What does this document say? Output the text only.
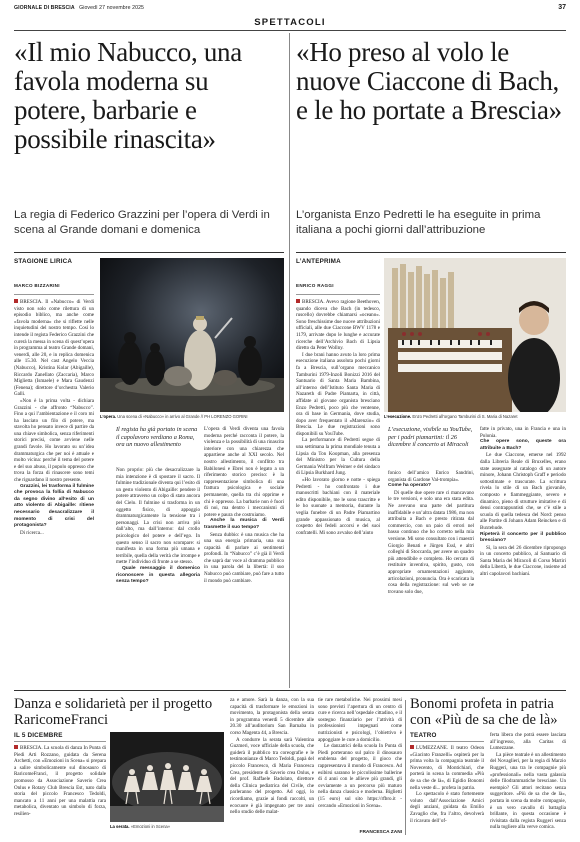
GIORNALE DI BRESCIA Giovedì 27 novembre 2025	37
SPETTACOLI
«Il mio Nabucco, una favola moderna su potere, barbarie e possibile rinascita»
La regia di Federico Grazzini per l’opera di Verdi in scena al Grande domani e domenica
STAGIONE LIRICA
MARCO BIZZARINI

BRESCIA. Il «Nabucco» di Verdi visto non solo come rilettura di un episodio biblico, ma anche come «favola moderna» che si riflette nelle inquietudini del nostro tempo. Così lo intende il regista Federico Grazzini che curerà la messa in scena di quest’opera in programma al teatro Grande domani, venerdì, alle 20, e in replica domenica alle 15.30. Nel cast Angelo Veccia (Nabucco), Kristina Kolar (Abigaille), Riccardo Zanellato (Zaccaria), Marco Miglietta (Ismaele) e Mara Gaudenzi (Fenena); direttore d’orchestra Valerio Galli.

«Non è la prima volta - dichiara Grazzini - che affronto “Nabucco”. Fino a qui l’ambientazione e il coro mi ha lasciato un filo di potere, ma stavolta ho pensato invece di partire da una chiave simbolica, senza riferimenti storici precisi, come avviene nelle grandi favole. Ho lavorato su un’idea drammaturgica che per noi è attuale e molto vicina: perché il tema del potere e del suo abuso, il popolo oppresso che trova la forza di rinascere sono temi che riguardano il nostro presente.

Grazzini, lei trasforma il fulmine che provoca la follia di Nabucco da segno divino all’esito di un atto violento di Abigaille: ritiene necessario desacralizzare il momento di crisi del protagonista?

Di ricerca...

L’opera. Una scena di «Nabucco» in arrivo al Grande // PH LORENZO GORINI
Il regista ha già portato in scena il capolavoro verdiano a Roma, ora un nuovo allestimento

Non proprio: più che desacralizzare la mia intenzione è di spostare il sacro. Il fulmine tradizionale diventa qui l’esito di un gesto violento di Abigaille: pendere il potere attraverso un colpo di stato ancora del Cielo. Il fulmine si trasforma in un oggetto fisico, di appoggio drammaturgicamente la tensione tra i personaggi. La crisi non arriva più dall’alto, ma dall’interno: dal crollo psicologico del potere e dell’ego. In questo senso il sacro non scompare: si manifesta in una forma più umana e terribile, quella della verità che irrompe e mette l’individuo di fronte a se stesso.

Quale messaggio il domenico riconoscere in questa allegoria senza tempo?

L’opera di Verdi diventa una favola moderna perché racconta il potere, la violenza e la possibilità di una rinascita interiore con una chiarezza che appartiene anche al XXI secolo. Nel nostro allestimento, il conflitto tra Babilonesi e Ebrei non è legato a un riferimento storico preciso: è la rappresentazione simbolica di una frattura psicologica e sociale permanente, quella tra chi opprime e chi è oppresso. La barbarie non è fuori di noi, ma dentro i meccanismi di potere e paura che costruiamo.

Anche la musica di Verdi trasmette il suo tempo?

Senza dubbio: è una musica che ha una sua energia primaria, una sua capacità di parlare ai sentimenti profondi. In “Nabucco” c’è già il Verdi che saprà dar voce al dramma pubblico in una parola del la libertà: il suo Nabucco può cambiare, può fare a tutto il mondo può cambiare.

«Ho preso al volo le nuove Ciaccone di Bach, e le ho portate a Brescia»
L’organista Enzo Pedretti le ha eseguite in prima italiana a pochi giorni dall’attribuzione
L’ANTEPRIMA
ENRICO RAGGI

BRESCIA. Avevo ragione Beethoven, quando diceva che Bach (in tedesco, ruscello) dovrebbe chiamarsi «oceano». Sono freschissime due nuove attribuzioni ufficiali, alle due Ciaccone BWV 1178 e 1179, arrivate dopo le lunghe e accurate ricerche dell’Archivio Bach di Lipsia diretto da Peter Wollny.

I due brani hanno avuto la loro prima esecuzione italiana assoluta pochi giorni fa a Brescia, sull’organo meccanico Tamburini 1979-Inzoli Bonizzi 2016 del Santuario di Santa Maria Bambina, all’interno dell’Istituto Santa Maria di Nazareth di Padre Piamarta, in città, affidate al giovane organista bresciano Enzo Pedretti, poco più che ventenne, ora di base in Germania, dove studia, dopo aver frequentato il «Marenzio» di Brescia. Le due registrazioni sono disponibili su YouTube.

La performance di Pedretti segue di una settimana la prima mondiale tenuta a Lipsia da Ton Koopman, alla presenza del Ministro per la Cultura della Germania Wolfram Weimer e del sindaco di Lipsia Burkhard Jung.

«Ho lavorato giorno e notte - spiega Pedretti - ho confrontato i due manoscritti bachiani con il materiale edito disponibile, me le sono trascritte e le ho suonate a memoria, durante la veglia funebre di un Padre Piamartino grande appassionato di musica, al cospetto dei fedeli accorsi e del suoi confratelli. Mi sono avvalso dell’aiuto

L’esecuzione. Enzo Pedretti all’organo Tamburini di S. Maria di Nazaret
L’esecuzione, visibile su YouTube, per i padri piamartini: il 26 dicembre il concerto ai Miracoli

fonico dell’amico Enrico Sandrini, organista di Gardone Val-trompia».

Come ha operato?

Di quelle due opere rare ci mancavano le tre versioni, e solo una era stata edita. Ne avevano una parte del partitura inaffidabile e un’altra datata 1986, ma non attribuita a Bach e presto ritirata dal commercio, con un paio di errori nel basso continuo che ho corretto nella mia versione. Mi sono consultato con i maestri Giorgio Benati e Jürgen Essl, e altri colleghi di Stoccarda, per avere un quadro più attendibile e completo. Ho cercato di restituire inventiva, spirito, gusto, con appropriate ornamentazioni aggiunte, articolazioni, pronuncia. Ora è scaricata la cosa della registrazione: sul web se ne trovano solo due,

fatte in privato, una in Francia e una in Polonia.

Che opere sono, queste ora attribuite a Bach?

Le due Ciaccone, emerse nel 1992 dalla Libreria Reale di Bruxelles, erano state assegnate al catalogo di un autore minore, Johann Christoph Graff e periodo sottostimate e trascurate. La scrittura rivela lo stile di un Bach giovanile, composto e fiammeggiante, severo e dinamico, pieno di strutture imitative e di densi contrappuntisti che, se c’è stile a scuola di quella tedesca del Nord: penso alle Partite di Johann Adam Reincken e di Buxtehude.

Ripeterà il concerto per il pubblico bresciano?

Sì, la sera del 26 dicembre ripropongo in un concerto pubblico, al Santuario di Santa Maria dei Miracoli di Corso Martiri della Libertà, le due Ciaccone, insieme ad altri capolavori bachiani.

Danza e solidarietà per il progetto RaricomeFranci
IL 5 DICEMBRE

BRESCIA. La scuola di danza In Punta di Piedi Arti Rozzano, guidata da Serena Archetti, con «Emozioni in Scena» si prepara a salire simbolicamente sul dinosauro di RaricomeFranci, il progetto solidale promosso da Associazione Saverio Crea Onlus e Rotary Club Brescia Est, nato dalla storia del piccolo Francesco Tedoldi, mancato a 11 anni per una malattia rara metabolica, diventato un simbolo di forza, resilien-

La serata. «Emozioni in Scena»

za e amore. Sarà la danza, con la sua capacità di trasformare le emozioni in movimento, la protagonista della serata in programma venerdì 5 dicembre alle 20.30 all’auditorium San Barnaba in corso Magenta 44, a Brescia.

A condurre la serata sarà Valentina Guzmeri, voce ufficiale della scuola, che guiderà il pubblico tra coreografie e le testimonianze di Marco Tedoldi, papà del piccolo Francesco, di Maria Francesca Crea, presidente di Saverio crea Onlus, e del prof. Raffaele Badolato, direttore della Clinica pediatrica del Civile, che parleranno del progetto. Ad oggi, lo ricordiamo, grazie ai fondi raccolti, un ecocuore è già impegnato per tre anni nello studio delle malat-

tie rare metaboliche. Nei prossimi mesi sono previsti l’apertura di un centro di cure e ricerca nell’ospedale cittadino, e il sostegno finanziario per l’attività di professionisti impegnati come nutrizionisti e psicologi, l’obiettivo è appoggiare le cure a domicilio.

Le danzatrici della scuola In Punta di Piedi porteranno sul palco il dinosauro emblema del progetto, il gioco che rappresentava il mondo di Francesco. Ad esibirsi saranno le piccolissime ballerine di 4 anni con le allieve più grandi, gli ovviamente a un percorso più maturo nella danza classica e moderna. Biglietti (15 euro) sul sito https://rfbro.it - cercando «Emozioni in Scena».

FRANCESCA ZANI
Bonomi profeta in patria con «Più de sa che de là»
TEATRO

LUMEZZANE. Il teatro Odeon «Giacinto Franzelli» ospiterà per la prima volta la compagnia teatrale il Novecento, di Montichiari, che porterà in scena la commedia «Più de sa che de là», di Egidio Bonomi nella veste di... profeta in patria.

Lo spettacolo è stato fortemente voluto dall’Associazione Amici degli anziani, guidata da Emilio Zavaglio che, fra l’altro, devolverà il ricavato dell’of-

ferta libera che potrà essere lasciata all’ingresso, alla Caritas di Lumezzane.

La pièce teatrale è un allestimento del Novaglieri, per la regia di Marzio Ruggeri, una tra le compagnie più «professionali» nella vasta galassia delle filodrammatiche bresciane. Un esempio? Gli attori recitano senza suggeritore. «Più de sa che de là», portata in scena da molte compagnie, è un vero cavallo di battaglia brillante, in questa occasione è rivisitata dalla regista Ruggeri senza nulla togliere alla verve comica.
